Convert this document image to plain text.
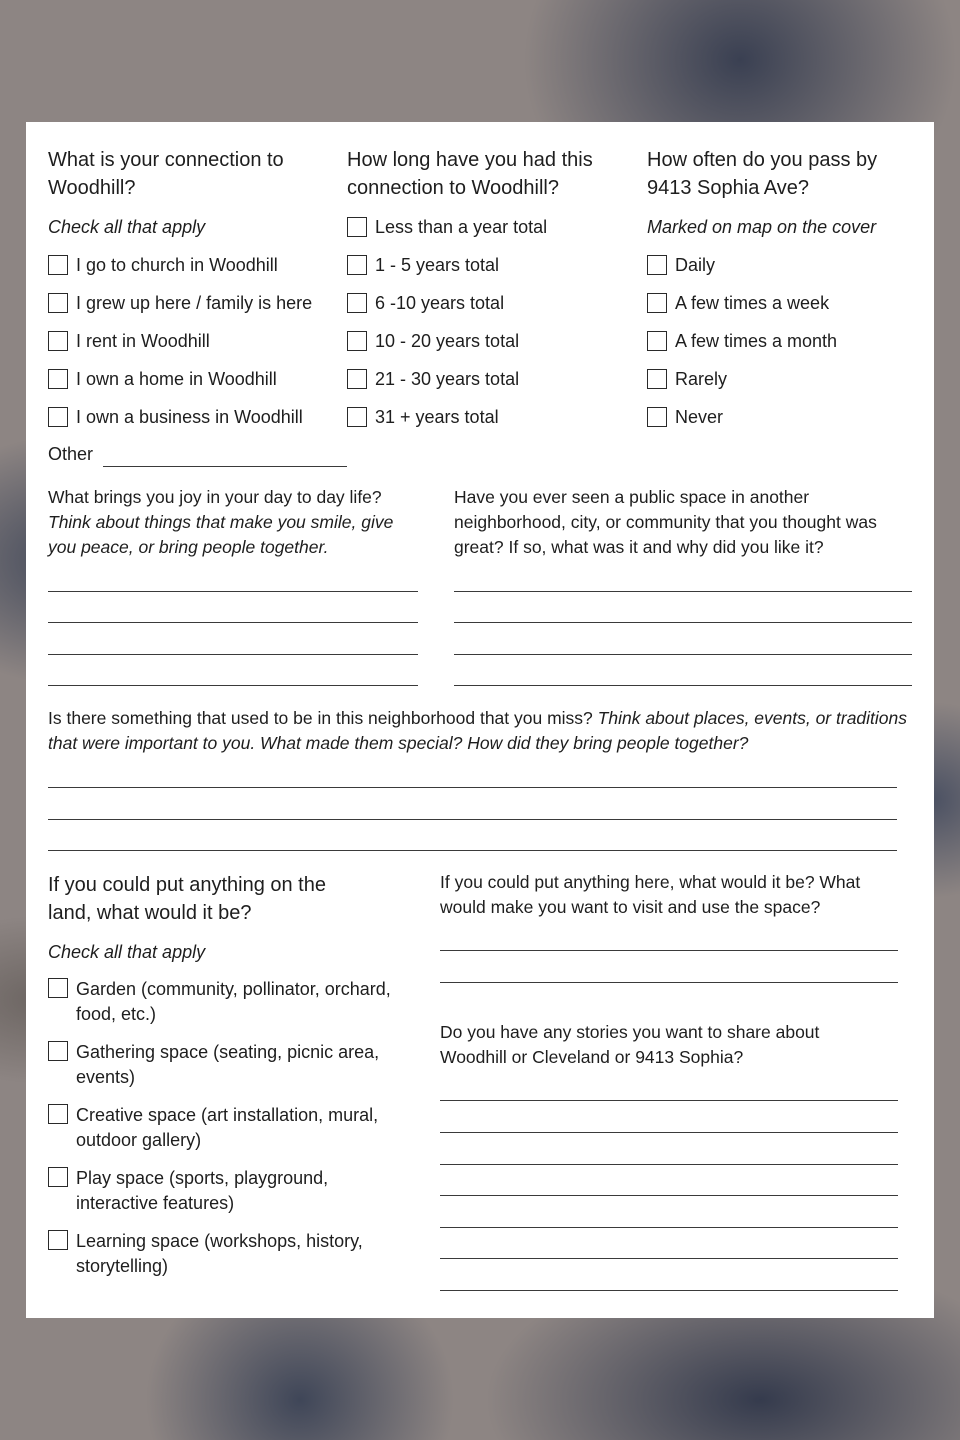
What is your connection to Woodhill?
Check all that apply
I go to church in Woodhill
I grew up here / family is here
I rent in Woodhill
I own a home in Woodhill
I own a business in Woodhill
Other
How long have you had this connection to Woodhill?
Less than a year total
1 - 5 years total
6 -10 years total
10 - 20 years total
21 - 30 years total
31 + years total
How often do you pass by 9413 Sophia Ave?
Marked on map on the cover
Daily
A few times a week
A few times a month
Rarely
Never
What brings you joy in your day to day life? Think about things that make you smile, give you peace, or bring people together.
Have you ever seen a public space in another neighborhood, city, or community that you thought was great? If so, what was it and why did you like it?
Is there something that used to be in this neighborhood that you miss? Think about places, events, or traditions that were important to you. What made them special? How did they bring people together?
If you could put anything on the land, what would it be?
Check all that apply
Garden (community, pollinator, orchard, food, etc.)
Gathering space (seating, picnic area, events)
Creative space (art installation, mural, outdoor gallery)
Play space (sports, playground, interactive features)
Learning space (workshops, history, storytelling)
If you could put anything here, what would it be? What would make you want to visit and use the space?
Do you have any stories you want to share about Woodhill or Cleveland or 9413 Sophia?
